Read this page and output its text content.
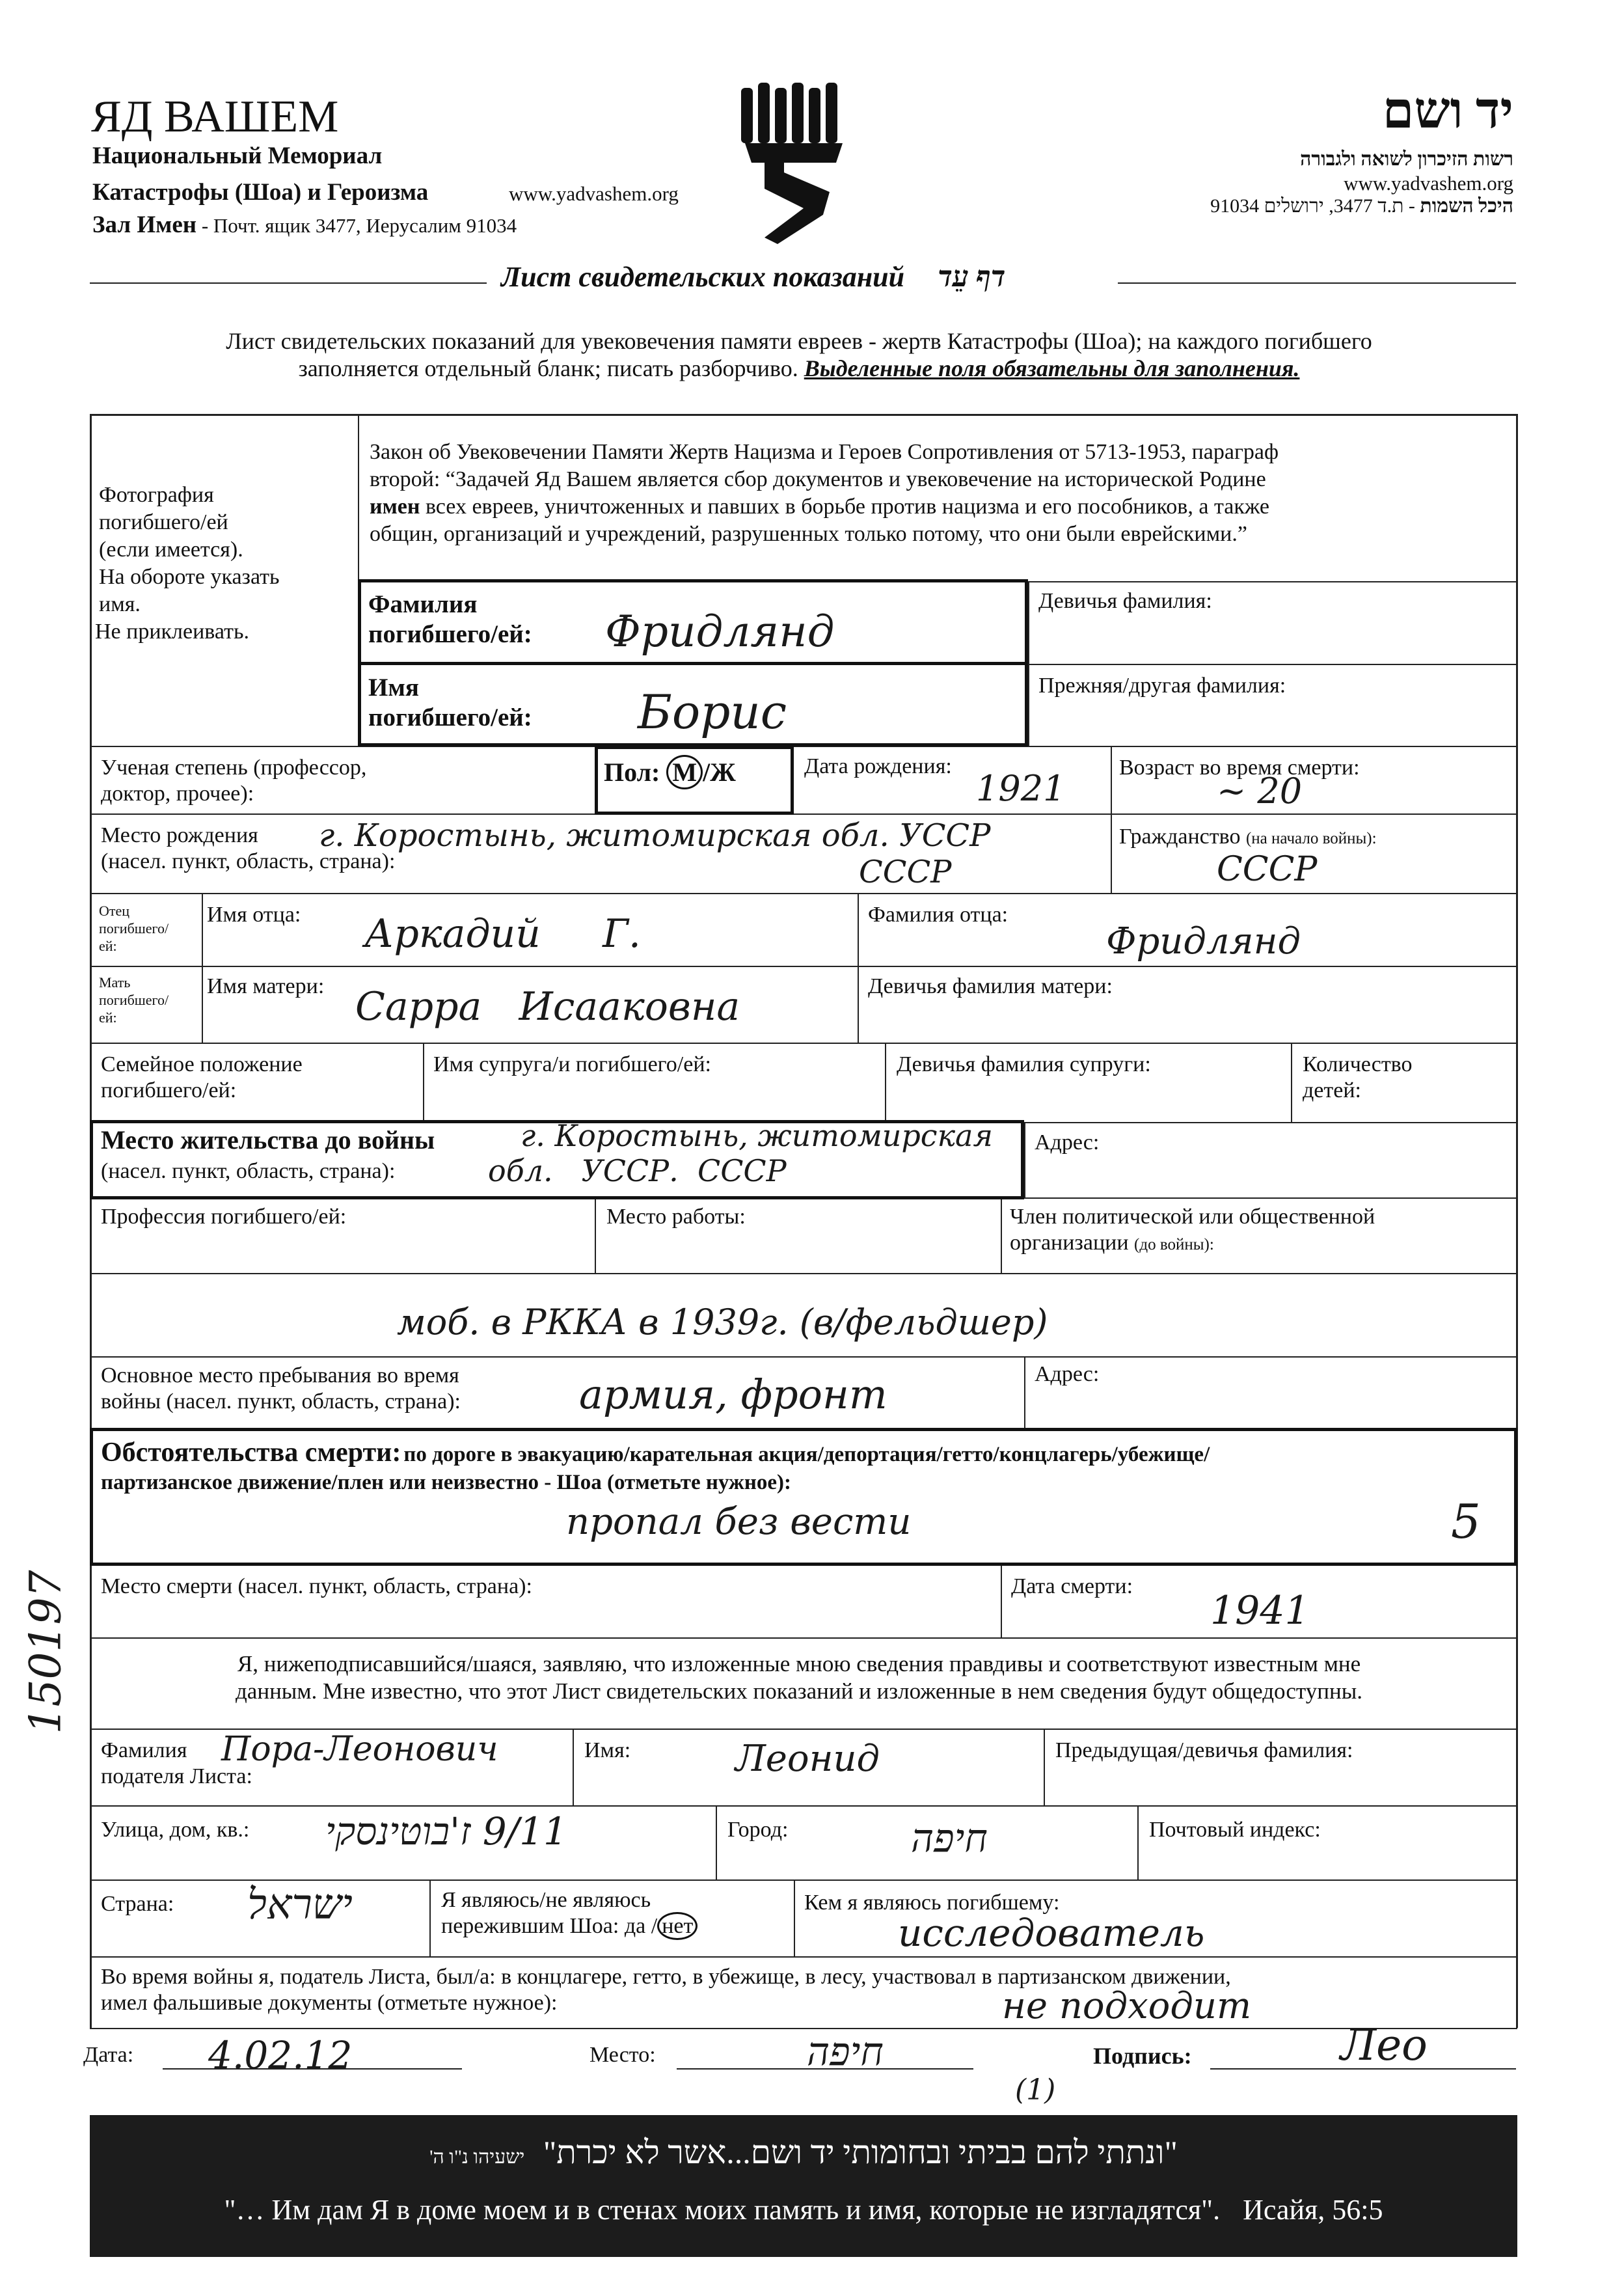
ЯД ВАШЕМ
Национальный Мемориал
Катастрофы (Шоа) и Героизма	www.yadvashem.org
Зал Имен - Почт. ящик 3477, Иерусалим 91034
יד ושם
רשות הזיכרון לשואה ולגבורה
www.yadvashem.org
היכל השמות - ת.ד 3477, ירושלים 91034
Лист свидетельских показаний דף עֵד
Лист свидетельских показаний для увековечения памяти евреев - жертв Катастрофы (Шоа); на каждого погибшего
заполняется отдельный бланк; писать разборчиво. Выделенные поля обязательны для заполнения.
Фотография
погибшего/ей
(если имеется).
На обороте указать
имя.
Не приклеивать.
Закон об Увековечении Памяти Жертв Нацизма и Героев Сопротивления от 5713-1953, параграф
второй: “Задачей Яд Вашем является сбор документов и увековечение на исторической Родине
имен всех евреев, уничтоженных и павших в борьбе против нацизма и его пособников, а также
общин, организаций и учреждений, разрушенных только потому, что они были еврейскими.”
Фамилия
погибшего/ей: Фридлянд
Девичья фамилия:
Имя
погибшего/ей: Борис	Прежняя/другая фамилия:
Ученая степень (профессор,
доктор, прочее):
Пол: М /Ж	Дата рождения:
1921
Возраст во время смерти:
~ 20
Место рождения
(насел. пункт, область, страна):
г. Коростынь, житомирская обл. УССР
СССР
Гражданство (на начало войны):
СССР
Отец
погибшего/
ей:
Имя отца: Аркадий     Г.	Фамилия отца:
Фридлянд
Мать
погибшего/
ей:
Имя матери: Сарра   Исааковна	Девичья фамилия матери:
Семейное положение
погибшего/ей:
Имя супруга/и погибшего/ей:	Девичья фамилия супруги:	Количество
детей:
Место жительства до войны
(насел. пункт, область, страна):
г. Коростынь, житомирская
обл.   УССР.  СССР
Адрес:
Профессия погибшего/ей:	Место работы:	Член политической или общественной
организации (до войны):
моб. в РККА в 1939г. (в/фельдшер)
Основное место пребывания во время
войны (насел. пункт, область, страна):	армия, фронт	Адрес:
Обстоятельства смерти: по дороге в эвакуацию/карательная акция/депортация/гетто/концлагерь/убежище/
партизанское движение/плен или неизвестно - Шоа (отметьте нужное):
пропал без вести	5
Место смерти (насел. пункт, область, страна):	Дата смерти:
1941
Я, нижеподписавшийся/шаяся, заявляю, что изложенные мною сведения правдивы и соответствуют известным мне
данным. Мне известно, что этот Лист свидетельских показаний и изложенные в нем сведения будут общедоступны.
Фамилия
подателя Листа:
Пора-Леонович	Имя:	Леонид	Предыдущая/девичья фамилия:
Улица, дом, кв.: 9/11 ז'בוטינסקי	Город:	חיפה	Почтовый индекс:
Страна: ישראל	Я являюсь/не являюсь
пережившим Шоа: да / нет
Кем я являюсь погибшему:
исследователь
Во время войны я, податель Листа, был/а: в концлагере, гетто, в убежище, в лесу, участвовал в партизанском движении,
имел фальшивые документы (отметьте нужное):	не подходит
Дата: 4.02.12	Место:	חיפה	Подпись:	Лео
(1)
150197
"ונתתי להם בביתי ובחומותי יד ושם...אשר לא יכרת" ישעיהו נ"ו ה'
"… Им дам Я в доме моем и в стенах моих память и имя, которые не изгладятся". Исайя, 56:5
